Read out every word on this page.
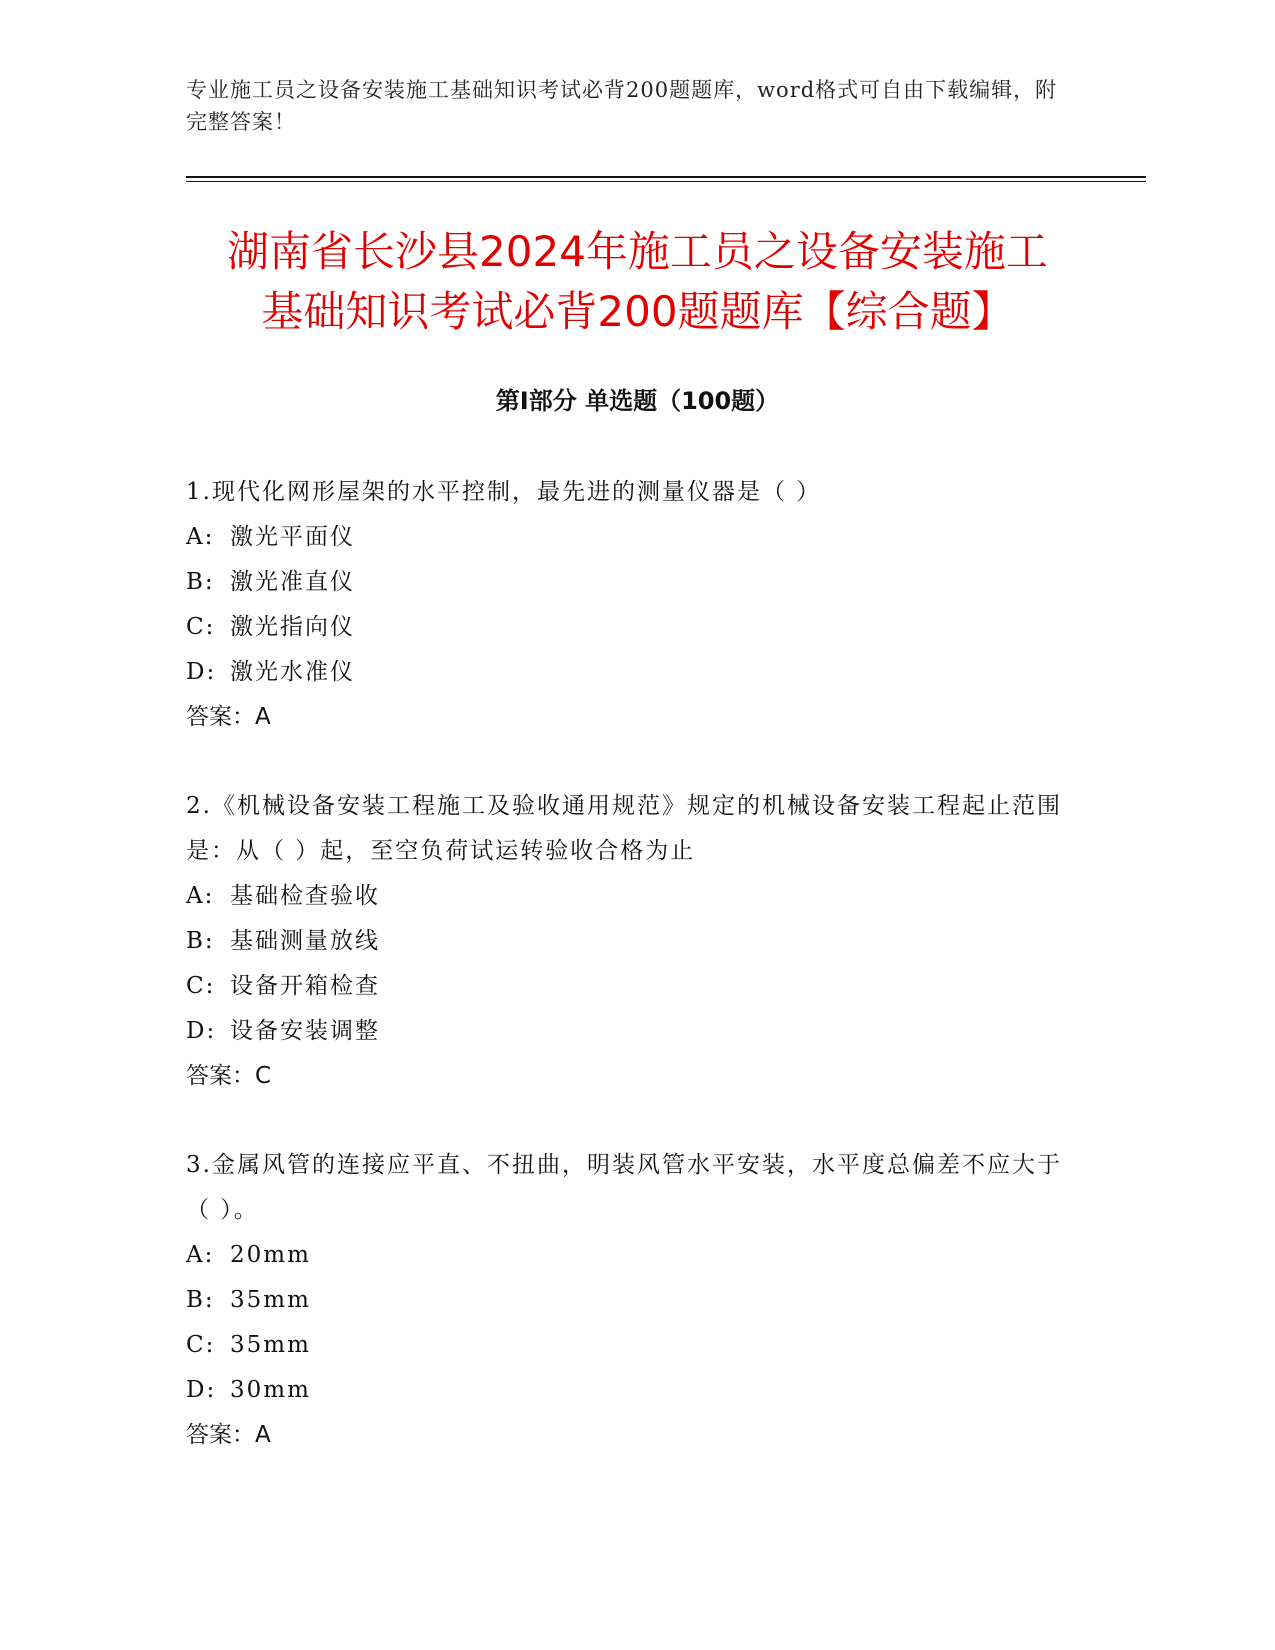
专业施工员之设备安装施工基础知识考试必背200题题库，word格式可自由下载编辑，附完整答案！
湖南省长沙县2024年施工员之设备安装施工
基础知识考试必背200题题库【综合题】
第I部分 单选题（100题）

1.现代化网形屋架的水平控制，最先进的测量仪器是（ ）

A: 激光平面仪

B: 激光准直仪

C: 激光指向仪

D: 激光水准仪

答案：A

2.《机械设备安装工程施工及验收通用规范》规定的机械设备安装工程起止范围是：从（ ）起，至空负荷试运转验收合格为止

A: 基础检查验收

B: 基础测量放线

C: 设备开箱检查

D: 设备安装调整

答案：C

3.金属风管的连接应平直、不扭曲，明装风管水平安装，水平度总偏差不应大于（ ）。

A: 20mm

B: 35mm

C: 35mm

D: 30mm

答案：A
